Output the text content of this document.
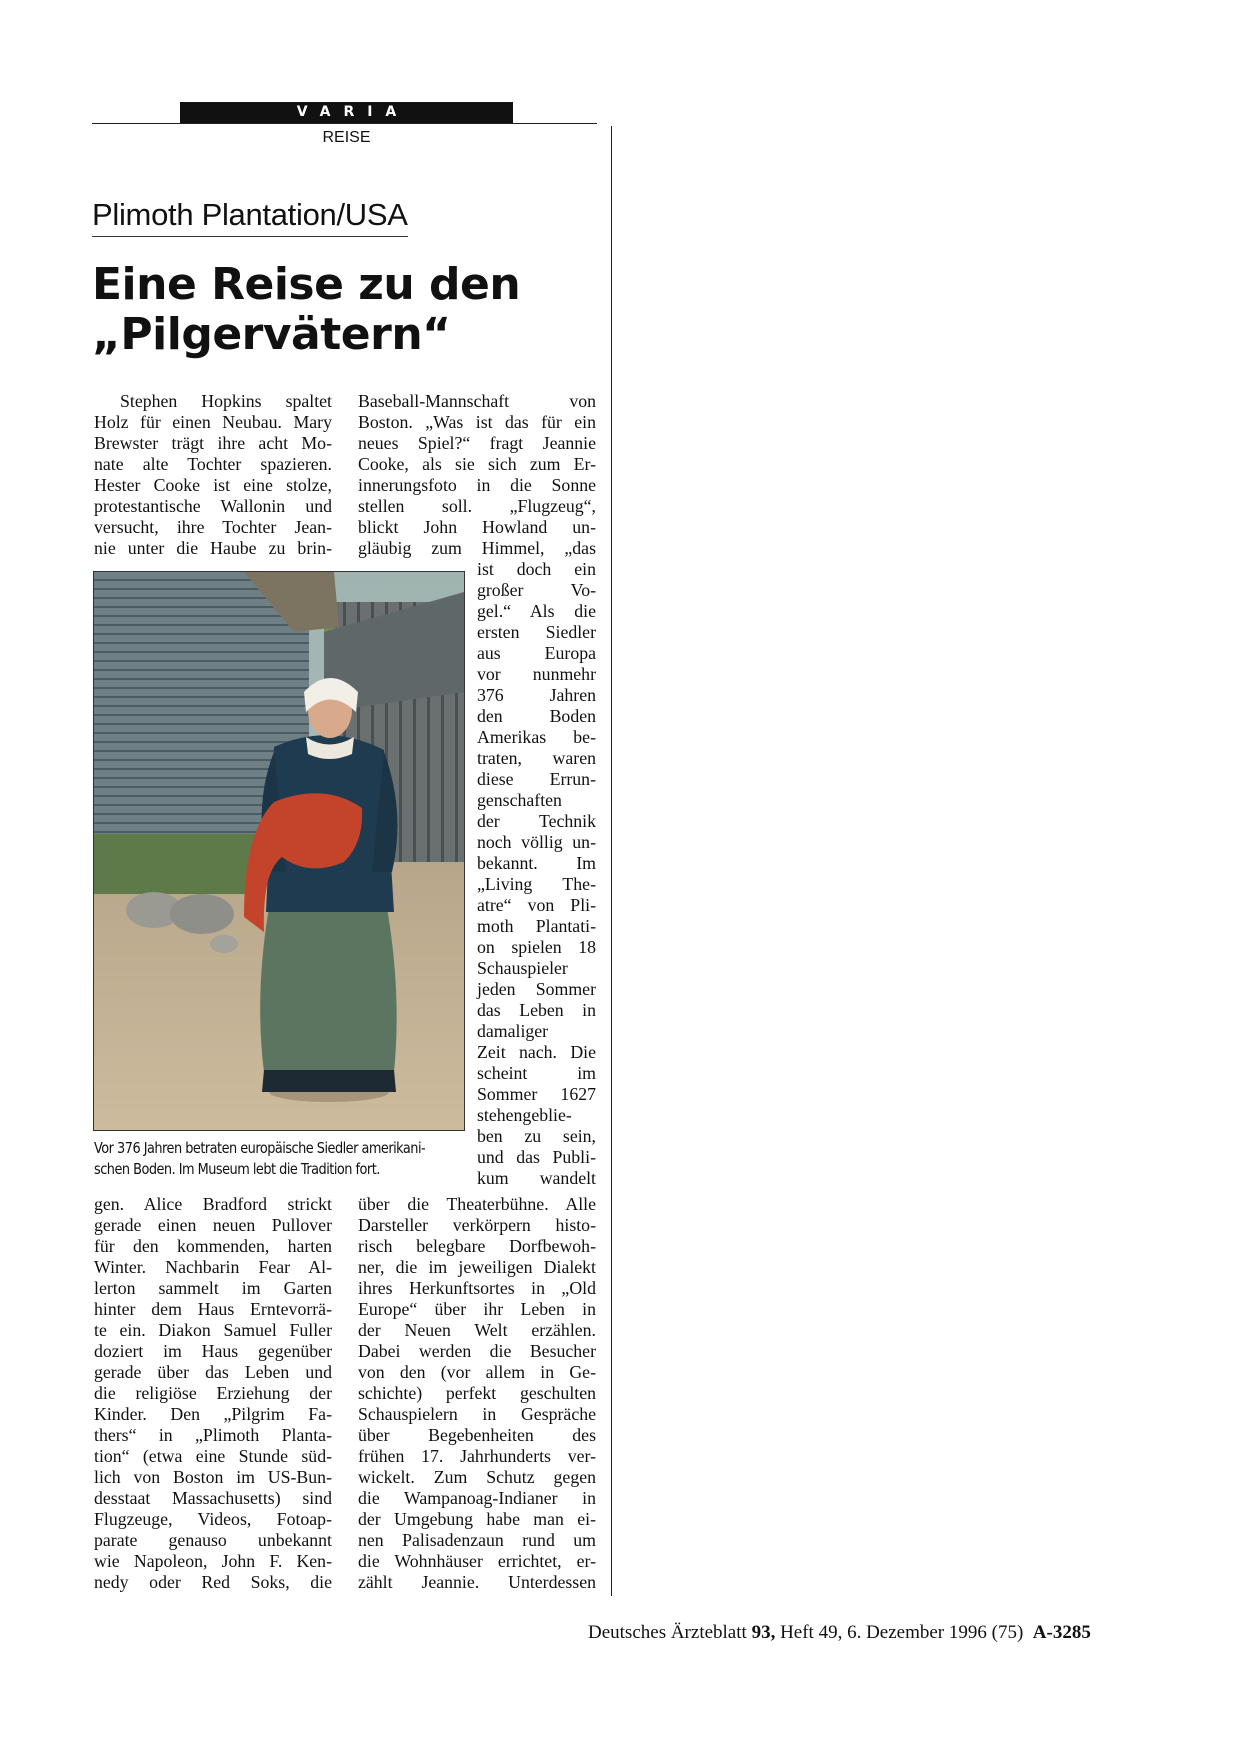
VARIA
REISE
Plimoth Plantation/USA
Eine Reise zu den
„Pilgervätern“

Stephen Hopkins spaltet
Holz für einen Neubau. Mary
Brewster trägt ihre acht Mo-
nate alte Tochter spazieren.
Hester Cooke ist eine stolze,
protestantische Wallonin und
versucht, ihre Tochter Jean-
nie unter die Haube zu brin-

Baseball-Mannschaft von
Boston. „Was ist das für ein
neues Spiel?“ fragt Jeannie
Cooke, als sie sich zum Er-
innerungsfoto in die Sonne
stellen soll. „Flugzeug“,
blickt John Howland un-
gläubig zum Himmel, „das

ist doch ein
großer Vo-
gel.“ Als die
ersten Siedler
aus Europa
vor nunmehr
376 Jahren
den Boden
Amerikas be-
traten, waren
diese Errun-
genschaften
der Technik
noch völlig un-
bekannt. Im
„Living The-
atre“ von Pli-
moth Plantati-
on spielen 18
Schauspieler
jeden Sommer
das Leben in
damaliger
Zeit nach. Die
scheint im
Sommer 1627
stehengeblie-
ben zu sein,
und das Publi-
kum wandelt

gen. Alice Bradford strickt
gerade einen neuen Pullover
für den kommenden, harten
Winter. Nachbarin Fear Al-
lerton sammelt im Garten
hinter dem Haus Erntevorrä-
te ein. Diakon Samuel Fuller
doziert im Haus gegenüber
gerade über das Leben und
die religiöse Erziehung der
Kinder. Den „Pilgrim Fa-
thers“ in „Plimoth Planta-
tion“ (etwa eine Stunde süd-
lich von Boston im US-Bun-
desstaat Massachusetts) sind
Flugzeuge, Videos, Fotoap-
parate genauso unbekannt
wie Napoleon, John F. Ken-
nedy oder Red Soks, die

über die Theaterbühne. Alle
Darsteller verkörpern histo-
risch belegbare Dorfbewoh-
ner, die im jeweiligen Dialekt
ihres Herkunftsortes in „Old
Europe“ über ihr Leben in
der Neuen Welt erzählen.
Dabei werden die Besucher
von den (vor allem in Ge-
schichte) perfekt geschulten
Schauspielern in Gespräche
über Begebenheiten des
frühen 17. Jahrhunderts ver-
wickelt. Zum Schutz gegen
die Wampanoag-Indianer in
der Umgebung habe man ei-
nen Palisadenzaun rund um
die Wohnhäuser errichtet, er-
zählt Jeannie. Unterdessen

Vor 376 Jahren betraten europäische Siedler amerikani-
schen Boden. Im Museum lebt die Tradition fort.
Deutsches Ärzteblatt 93, Heft 49, 6. Dezember 1996 (75) A-3285
